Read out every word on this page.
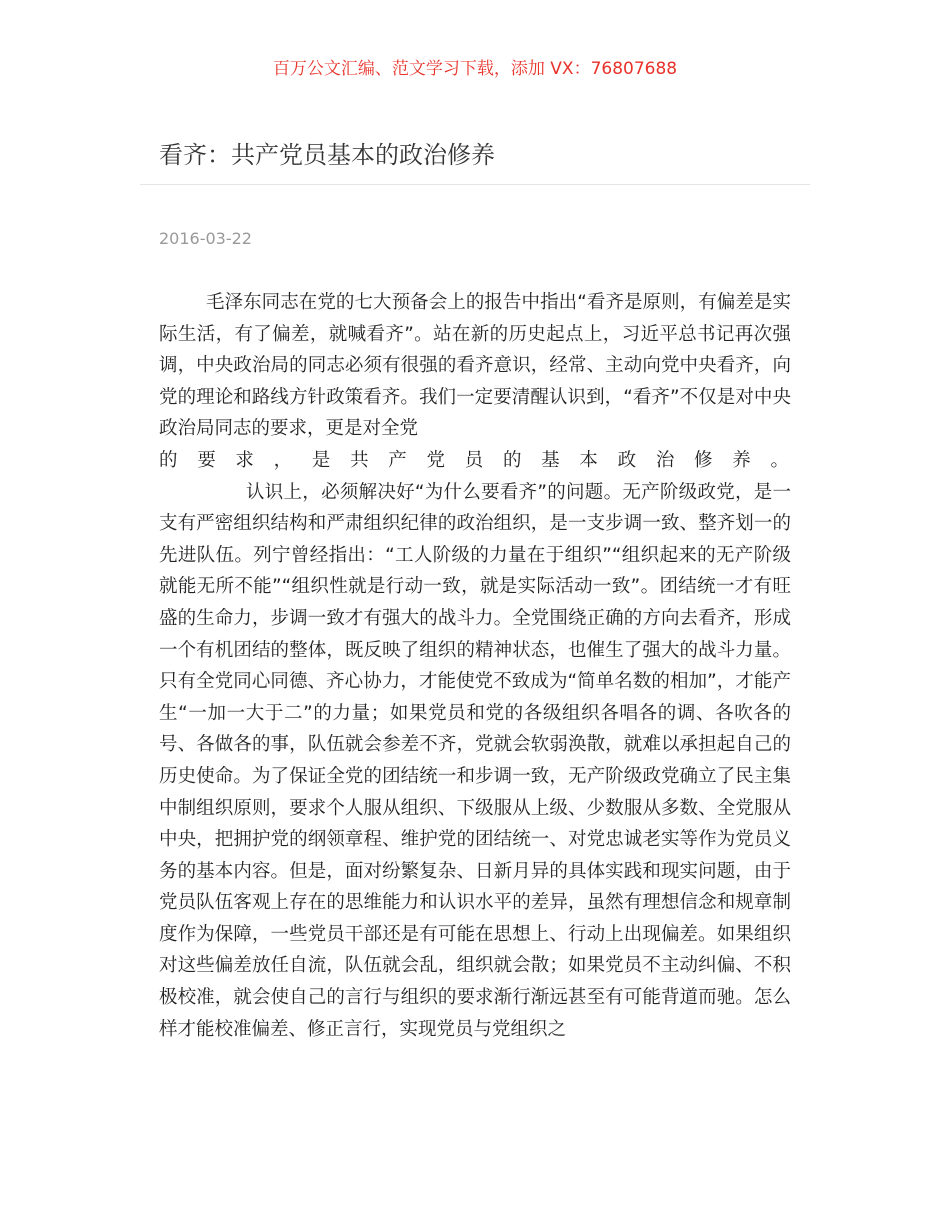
百万公文汇编、范文学习下载，添加 VX：76807688
看齐：共产党员基本的政治修养
2016-03-22

毛泽东同志在党的七大预备会上的报告中指出“看齐是原则，有偏差是实际生活，有了偏差，就喊看齐”。站在新的历史起点上，习近平总书记再次强调，中央政治局的同志必须有很强的看齐意识，经常、主动向党中央看齐，向党的理论和路线方针政策看齐。我们一定要清醒认识到，“看齐”不仅是对中央政治局同志的要求，更是对全党

的要求，是共产党员的基本政治修养。

认识上，必须解决好“为什么要看齐”的问题。无产阶级政党，是一支有严密组织结构和严肃组织纪律的政治组织，是一支步调一致、整齐划一的先进队伍。列宁曾经指出：“工人阶级的力量在于组织”“组织起来的无产阶级就能无所不能”“组织性就是行动一致，就是实际活动一致”。团结统一才有旺盛的生命力，步调一致才有强大的战斗力。全党围绕正确的方向去看齐，形成一个有机团结的整体，既反映了组织的精神状态，也催生了强大的战斗力量。只有全党同心同德、齐心协力，才能使党不致成为“简单名数的相加”，才能产生“一加一大于二”的力量；如果党员和党的各级组织各唱各的调、各吹各的号、各做各的事，队伍就会参差不齐，党就会软弱涣散，就难以承担起自己的历史使命。为了保证全党的团结统一和步调一致，无产阶级政党确立了民主集中制组织原则，要求个人服从组织、下级服从上级、少数服从多数、全党服从中央，把拥护党的纲领章程、维护党的团结统一、对党忠诚老实等作为党员义务的基本内容。但是，面对纷繁复杂、日新月异的具体实践和现实问题，由于党员队伍客观上存在的思维能力和认识水平的差异，虽然有理想信念和规章制度作为保障，一些党员干部还是有可能在思想上、行动上出现偏差。如果组织对这些偏差放任自流，队伍就会乱，组织就会散；如果党员不主动纠偏、不积极校准，就会使自己的言行与组织的要求渐行渐远甚至有可能背道而驰。怎么样才能校准偏差、修正言行，实现党员与党组织之
